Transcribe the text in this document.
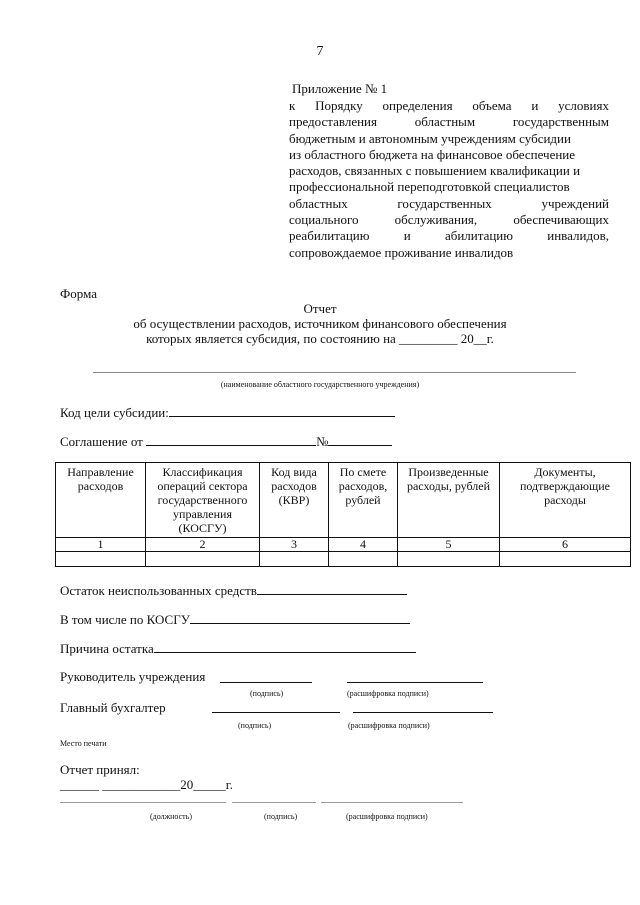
7
Приложение № 1
к Порядку определения объема и условиях
предоставления	областным	государственным
бюджетным и автономным учреждениям субсидии
из областного бюджета на финансовое обеспечение
расходов, связанных с повышением квалификации и
профессиональной переподготовкой специалистов
областных	государственных	учреждений
социального	обслуживания,	обеспечивающих
реабилитацию	и	абилитацию	инвалидов,
сопровождаемое проживание инвалидов
Форма
Отчет
об осуществлении расходов, источником финансового обеспечения
которых является субсидия, по состоянию на _________ 20__г.
(наименование областного государственного учреждения)
Код цели субсидии:
Соглашение от	№
Направление расходов	Классификация операций сектора государственного управления (КОСГУ)	Код вида расходов (КВР)	По смете расходов, рублей	Произведенные расходы, рублей	Документы, подтверждающие расходы
1	2	3	4	5	6

Остаток неиспользованных средств
В том числе по КОСГУ
Причина остатка
Руководитель учреждения
(подпись)	(расшифровка подписи)
Главный бухгалтер
(подпись)	(расшифровка подписи)
Место печати
Отчет принял:
______ ____________20_____г.
(должность)	(подпись)	(расшифровка подписи)
